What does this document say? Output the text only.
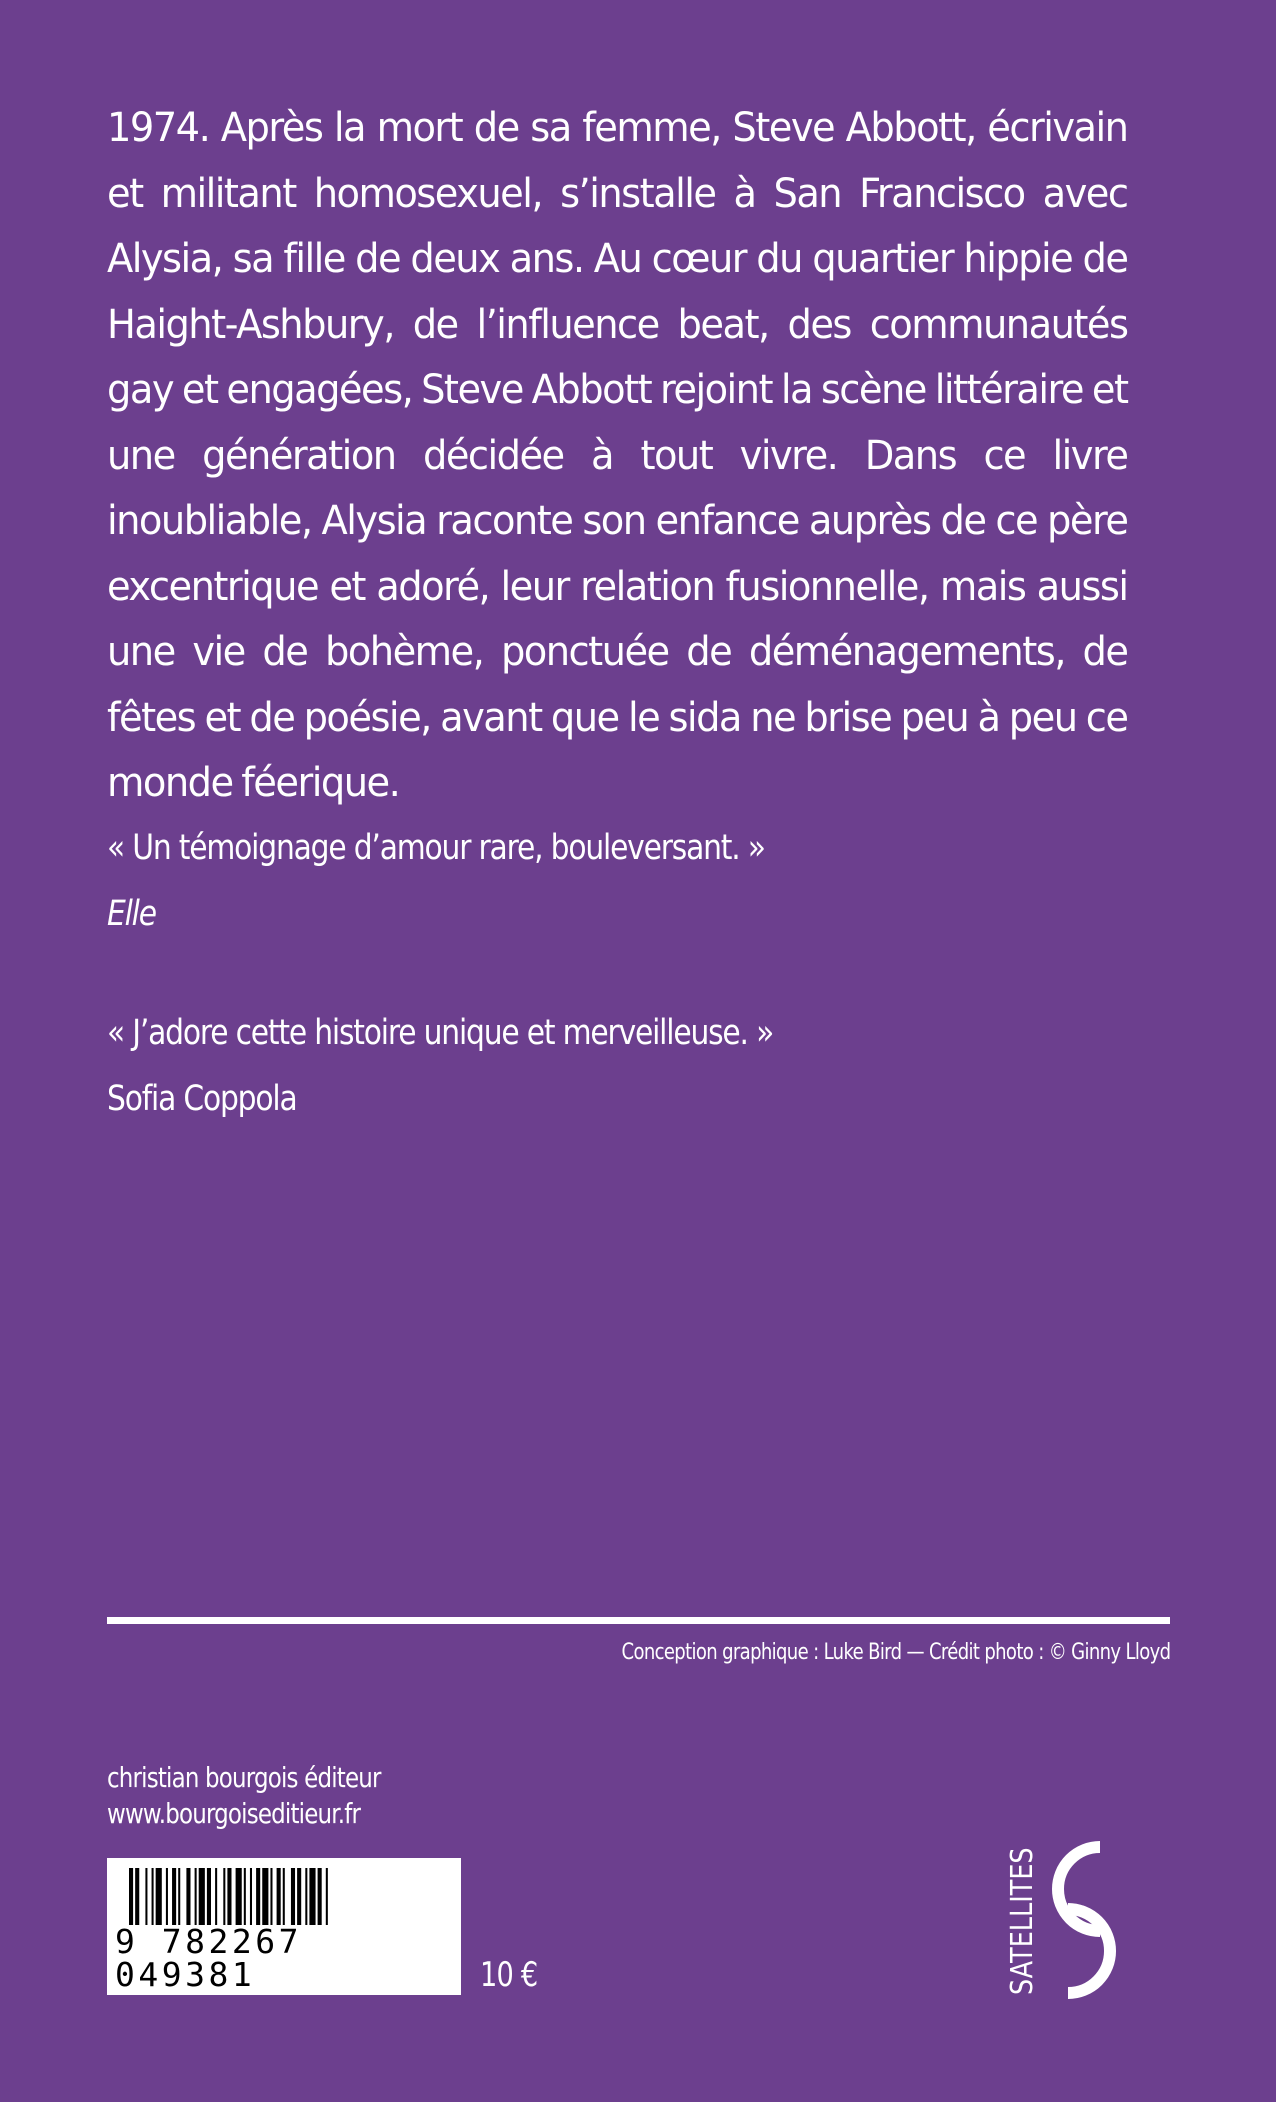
1974. Après la mort de sa femme, Steve Abbott, écrivain et militant homosexuel, s’installe à San Francisco avec Alysia, sa fille de deux ans. Au cœur du quartier hippie de Haight-Ashbury, de l’influence beat, des communautés gay et engagées, Steve Abbott rejoint la scène littéraire et une génération décidée à tout vivre. Dans ce livre inoubliable, Alysia raconte son enfance auprès de ce père excentrique et adoré, leur relation fusionnelle, mais aussi une vie de bohème, ponctuée de déménagements, de fêtes et de poésie, avant que le sida ne brise peu à peu ce monde féerique.

« Un témoignage d’amour rare, bouleversant. »
Elle
« J’adore cette histoire unique et merveilleuse. »
Sofia Coppola
Conception graphique : Luke Bird — Crédit photo : © Ginny Lloyd
christian bourgois éditeur
www.bourgoiseditieur.fr
9 782267 049381	10 €	SATELLITES
